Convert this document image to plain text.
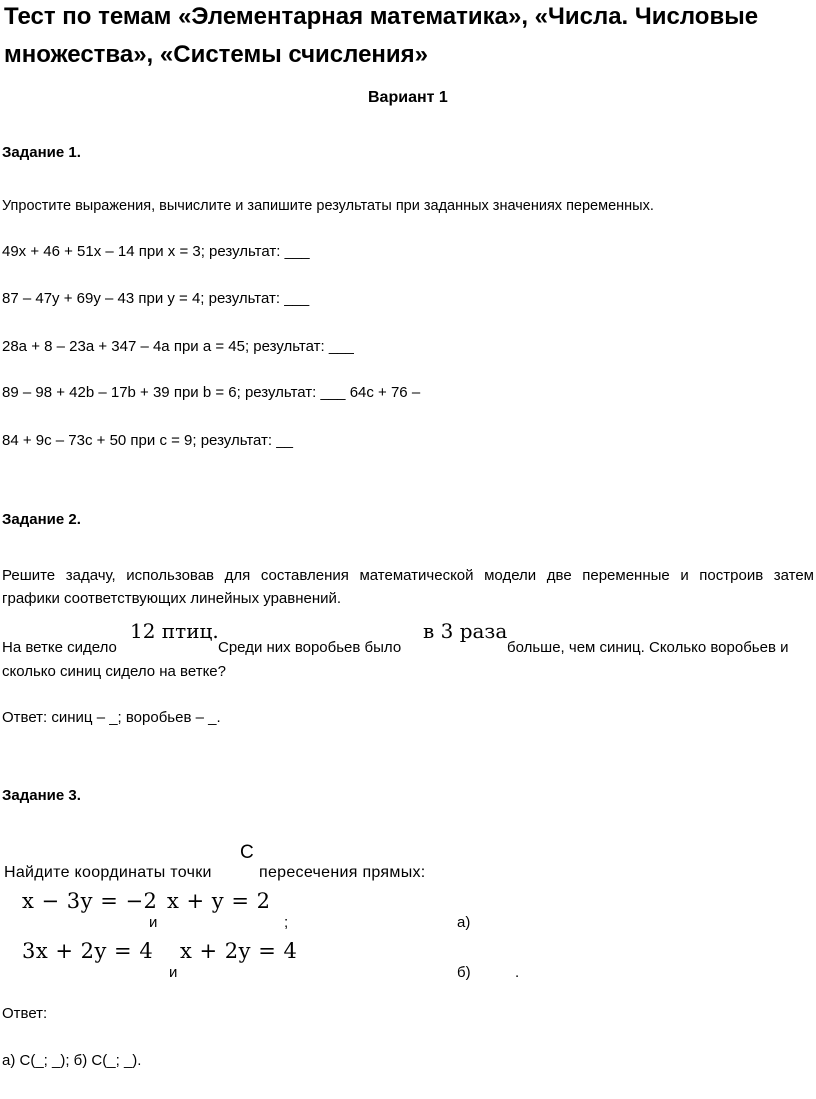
Тест по темам «Элементарная математика», «Числа. Числовые
множества», «Системы счисления»
Вариант 1
Задание 1.
Упростите выражения, вычислите и запишите результаты при заданных значениях переменных.
49x + 46 + 51x – 14 при x = 3; результат: ___
87 – 47y + 69y – 43 при y = 4; результат: ___
28a + 8 – 23a + 347 – 4a при a = 45; результат: ___
89 – 98 + 42b – 17b + 39 при b = 6; результат: ___ 64c + 76 –
84 + 9c – 73c + 50 при c = 9; результат: __
Задание 2.
Решите задачу, использовав для составления математической модели две переменные и построив затем
графики соответствующих линейных уравнений.
На ветке сидело
12 птиц.
Среди них воробьев было
в 3 раза
больше, чем синиц. Сколько воробьев и
сколько синиц сидело на ветке?
Ответ: синиц – _; воробьев – _.
Задание 3.
C
Найдите координаты точки	пересечения прямых:
x − 3y = −2
и
x + y = 2
;	а)
3x + 2y = 4
и
x + 2y = 4
б)	.
Ответ:
а) С(_; _); б) С(_; _).
